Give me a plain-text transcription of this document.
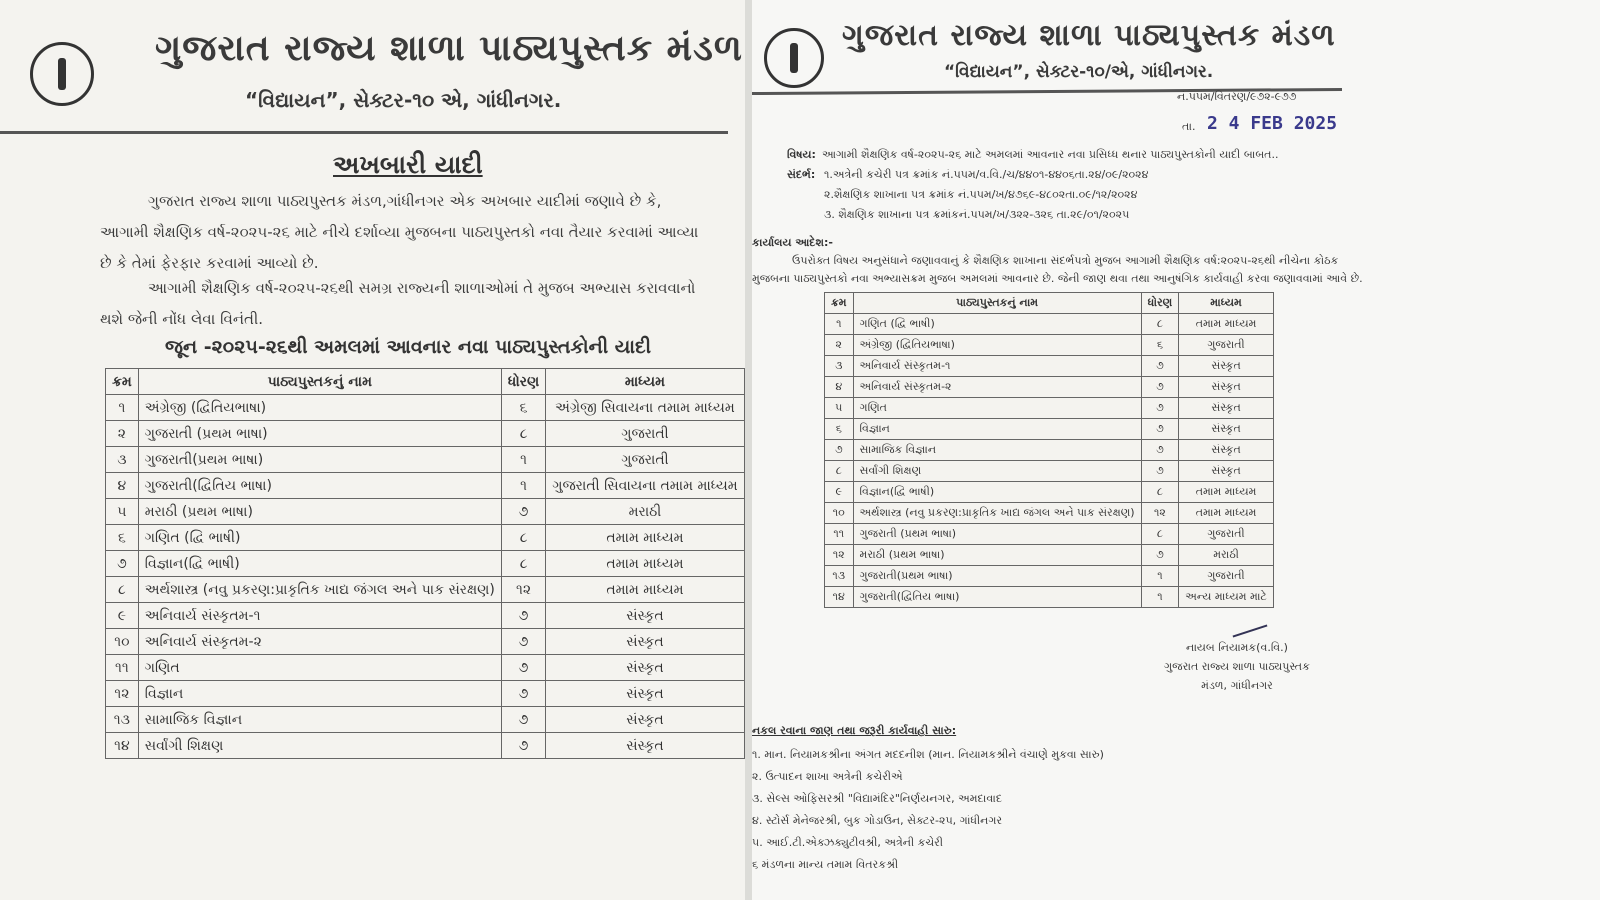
ગુજરાત રાજ્ય શાળા પાઠ્યપુસ્તક મંડળ
“વિદ્યાયન”, સેક્ટર-૧૦ એ, ગાંધીનગર.
અખબારી યાદી
ગુજરાત રાજ્ય શાળા પાઠ્યપુસ્તક મંડળ,ગાંધીનગર એક અખબાર યાદીમાં જણાવે છે કે, આગામી શૈક્ષણિક વર્ષ-૨૦૨૫-૨૬ માટે નીચે દર્શાવ્યા મુજબના પાઠ્યપુસ્તકો નવા તૈયાર કરવામાં આવ્યા છે કે તેમાં ફેરફાર કરવામાં આવ્યો છે.
આગામી શૈક્ષણિક વર્ષ-૨૦૨૫-૨૬થી સમગ્ર રાજ્યની શાળાઓમાં તે મુજબ અભ્યાસ કરાવવાનો થશે જેની નોંધ લેવા વિનંતી.
જૂન -૨૦૨૫-૨૬થી અમલમાં આવનાર નવા પાઠ્યપુસ્તકોની યાદી
ક્રમ	પાઠ્યપુસ્તકનું નામ	ધોરણ	માધ્યમ
૧	અંગ્રેજી (દ્વિતિયભાષા)	૬	અંગ્રેજી સિવાયના તમામ માધ્યમ
૨	ગુજરાતી (પ્રથમ ભાષા)	૮	ગુજરાતી
૩	ગુજરાતી(પ્રથમ ભાષા)	૧	ગુજરાતી
૪	ગુજરાતી(દ્વિતિય ભાષા)	૧	ગુજરાતી સિવાયના તમામ માધ્યમ
૫	મરાઠી (પ્રથમ ભાષા)	૭	મરાઠી
૬	ગણિત (દ્વિ ભાષી)	૮	તમામ માધ્યમ
૭	વિજ્ઞાન(દ્વિ ભાષી)	૮	તમામ માધ્યમ
૮	અર્થશાસ્ત્ર (નવુ પ્રકરણ:પ્રાકૃતિક ખાદ્ય જંગલ અને પાક સંરક્ષણ)	૧૨	તમામ માધ્યમ
૯	અનિવાર્ય સંસ્કૃતમ-૧	૭	સંસ્કૃત
૧૦	અનિવાર્ય સંસ્કૃતમ-૨	૭	સંસ્કૃત
૧૧	ગણિત	૭	સંસ્કૃત
૧૨	વિજ્ઞાન	૭	સંસ્કૃત
૧૩	સામાજિક વિજ્ઞાન	૭	સંસ્કૃત
૧૪	સર્વાંગી શિક્ષણ	૭	સંસ્કૃત
ગુજરાત રાજ્ય શાળા પાઠ્યપુસ્તક મંડળ
“વિદ્યાયન”, સેક્ટર-૧૦/એ, ગાંધીનગર.
નં.પપમ/વિતરણ/૯૭૨-૯૭૭
તા. 2 4 FEB 2025
વિષય: આગામી શૈક્ષણિક વર્ષ-૨૦૨૫-૨૬ માટે અમલમાં આવનાર નવા પ્રસિધ્ધ થનાર પાઠ્યપુસ્તકોની યાદી બાબત..
સંદર્ભ: ૧.અત્રેની કચેરી પત્ર ક્રમાંક નં.પપમ/વ.વિ./ચ/૪૪૦૧-૪૪૦૬તા.૨૪/૦૯/૨૦૨૪
૨.શૈક્ષણિક શાખાના પત્ર ક્રમાંક નં.પપમ/ખ/૪૭૬૯-૪૮૦૨તા.૦૯/૧૨/૨૦૨૪
૩. શૈક્ષણિક શાખાના પત્ર ક્રમાંકનં.પપમ/ખ/૩૨૨-૩૨૬ તા.૨૯/૦૧/૨૦૨૫
કાર્યાલય આદેશ:-
ઉપરોક્ત વિષય અનુસંધાને જણાવવાનું કે શૈક્ષણિક શાખાના સંદર્ભપત્રો મુજબ આગામી શૈક્ષણિક વર્ષ:૨૦૨૫-૨૬થી નીચેના કોઠક
મુજબના પાઠ્યપુસ્તકો નવા અભ્યાસક્રમ મુજબ અમલમાં આવનાર છે. જેની જાણ થવા તથા આનુષંગિક કાર્યવાહી કરવા જણાવવામાં આવે છે.
ક્રમ	પાઠ્યપુસ્તકનું નામ	ધોરણ	માધ્યમ
૧	ગણિત (દ્વિ ભાષી)	૮	તમામ માધ્યમ
૨	અંગ્રેજી (દ્વિતિયભાષા)	૬	ગુજરાતી
૩	અનિવાર્ય સંસ્કૃતમ-૧	૭	સંસ્કૃત
૪	અનિવાર્ય સંસ્કૃતમ-૨	૭	સંસ્કૃત
૫	ગણિત	૭	સંસ્કૃત
૬	વિજ્ઞાન	૭	સંસ્કૃત
૭	સામાજિક વિજ્ઞાન	૭	સંસ્કૃત
૮	સર્વાંગી શિક્ષણ	૭	સંસ્કૃત
૯	વિજ્ઞાન(દ્વિ ભાષી)	૮	તમામ માધ્યમ
૧૦	અર્થશાસ્ત્ર (નવુ પ્રકરણ:પ્રાકૃતિક ખાદ્ય જંગલ અને પાક સંરક્ષણ)	૧૨	તમામ માધ્યમ
૧૧	ગુજરાતી (પ્રથમ ભાષા)	૮	ગુજરાતી
૧૨	મરાઠી (પ્રથમ ભાષા)	૭	મરાઠી
૧૩	ગુજરાતી(પ્રથમ ભાષા)	૧	ગુજરાતી
૧૪	ગુજરાતી(દ્વિતિય ભાષા)	૧	અન્ય માધ્યમ માટે
નાયબ નિયામક(વ.વિ.)
ગુજરાત રાજ્ય શાળા પાઠ્યપુસ્તક
મંડળ, ગાંધીનગર
નકલ રવાના જાણ તથા જરૂરી કાર્યવાહી સારુ:
૧. માન. નિયામકશ્રીના અંગત મદદનીશ (માન. નિયામકશ્રીને વંચાણે મુકવા સારુ)
૨. ઉત્પાદન શાખા અત્રેની કચેરીએ
૩. સેલ્સ ઓફિસરશ્રી "વિદ્યામંદિર"નિર્ણયનગર, અમદાવાદ
૪. સ્ટોર્સ મેનેજરશ્રી, બુક ગોડાઉન, સેક્ટર-૨૫, ગાંધીનગર
૫. આઈ.ટી.એક્ઝક્યુટીવશ્રી, અત્રેની કચેરી
૬ મંડળના માન્ય તમામ વિતરકશ્રી
